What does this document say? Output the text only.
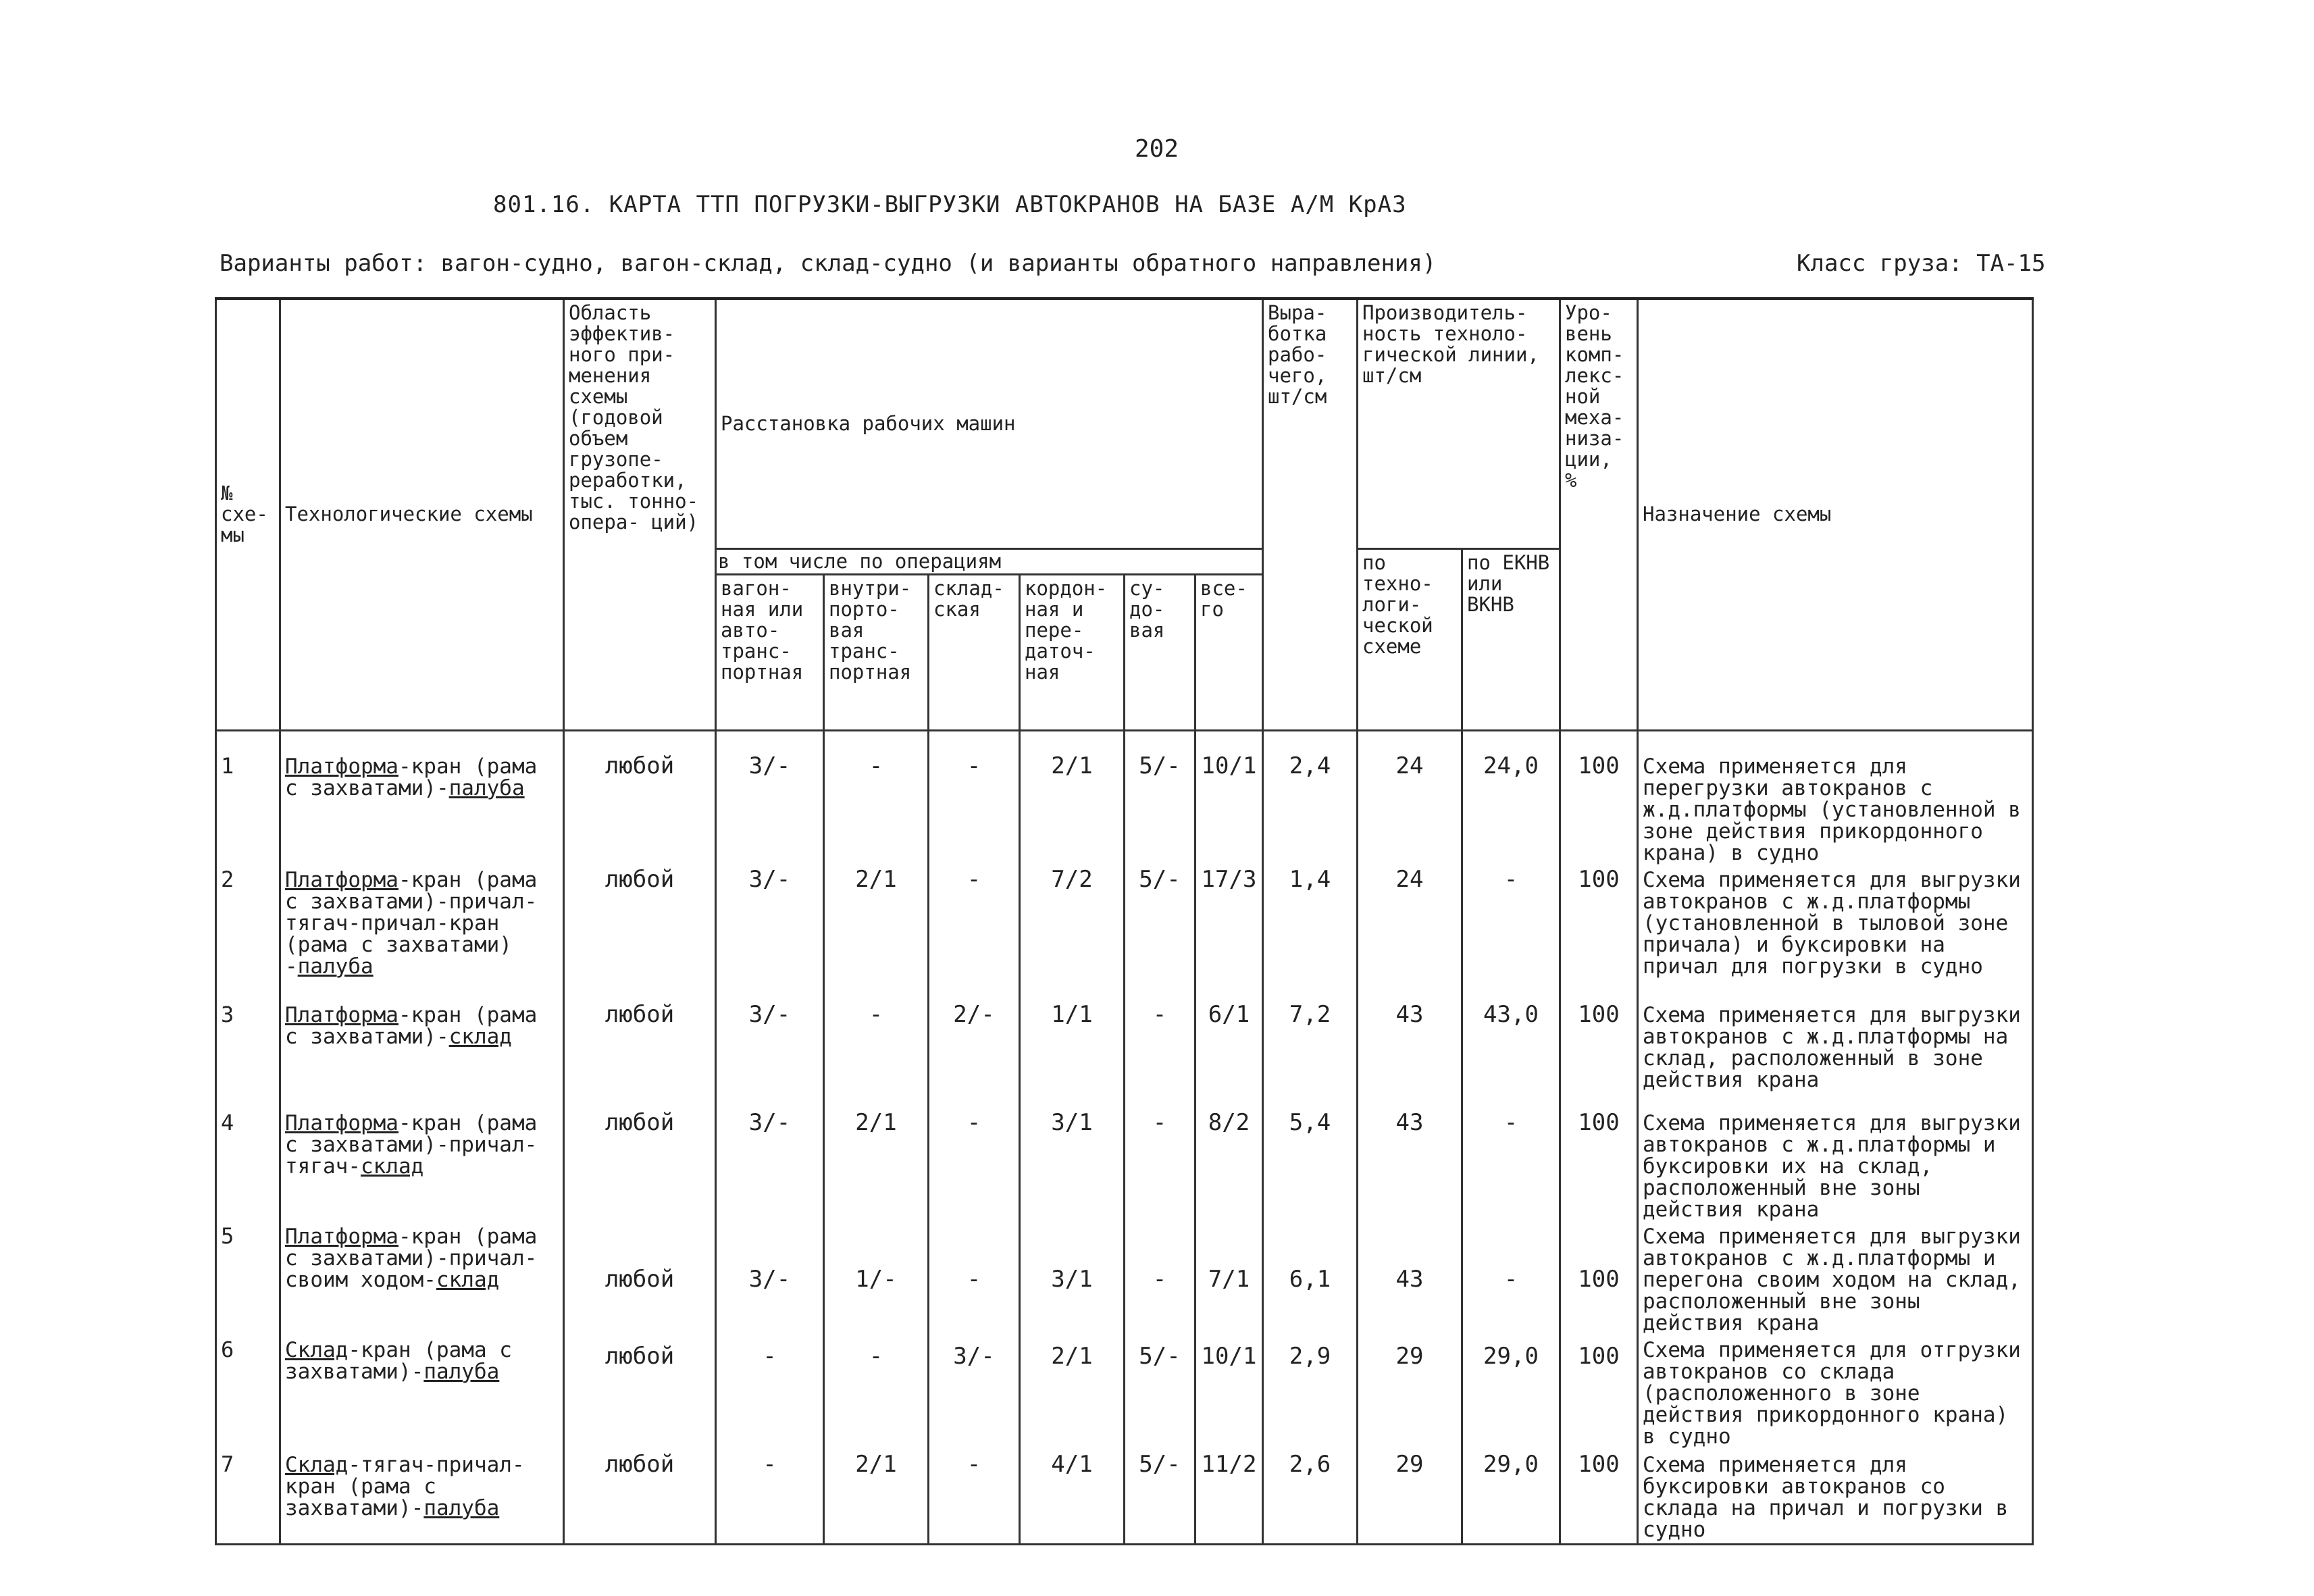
202
801.16. КАРТА ТТП ПОГРУЗКИ-ВЫГРУЗКИ АВТОКРАНОВ НА БАЗЕ А/М КрАЗ
Варианты работ: вагон-судно, вагон-склад, склад-судно (и варианты обратного направления)	Класс груза: ТА-15
№ схе- мы	Технологические схемы	Область эффектив- ного при- менения схемы (годовой объем грузопе- реработки, тыс. тонно-опера- ций)	Расстановка рабочих машин						Выра- ботка рабо- чего, шт/см	Производитель- ность техноло- гической линии, шт/см		Уро- вень комп- лекс- ной меха- низа- ции, %	Назначение схемы
			в том числе по операциям							по техно- логи- ческой схеме	по ЕКНВ или ВКНВ		
			вагон- ная или авто- транс- портная	внутри- порто- вая транс- портная	склад- ская	кордон- ная и пере- даточ- ная	су- до- вая	все- го					
1	Платформа-кран (рама с захватами)-палуба	любой	3/-	-	-	2/1	5/-	10/1	2,4	24	24,0	100	Схема применяется для перегрузки автокранов с ж.д.платформы (установленной в зоне действия прикордонного крана) в судно
2	Платформа-кран (рама с захватами)-причал-тягач-причал-кран (рама с захватами) -палуба	любой	3/-	2/1	-	7/2	5/-	17/3	1,4	24	-	100	Схема применяется для выгрузки автокранов с ж.д.платформы (установленной в тыловой зоне причала) и буксировки на причал для погрузки в судно
3	Платформа-кран (рама с захватами)-склад	любой	3/-	-	2/-	1/1	-	6/1	7,2	43	43,0	100	Схема применяется для выгрузки автокранов с ж.д.платформы на склад, расположенный в зоне действия крана
4	Платформа-кран (рама с захватами)-причал-тягач-склад	любой	3/-	2/1	-	3/1	-	8/2	5,4	43	-	100	Схема применяется для выгрузки автокранов с ж.д.платформы и буксировки их на склад, расположенный вне зоны действия крана
5	Платформа-кран (рама с захватами)-причал-своим ходом-склад	любой	3/-	1/-	-	3/1	-	7/1	6,1	43	-	100	Схема применяется для выгрузки автокранов с ж.д.платформы и перегона своим ходом на склад, расположенный вне зоны действия крана
6	Склад-кран (рама с захватами)-палуба	любой	-	-	3/-	2/1	5/-	10/1	2,9	29	29,0	100	Схема применяется для отгрузки автокранов со склада (расположенного в зоне действия прикордонного крана) в судно
7	Склад-тягач-причал-кран (рама с захватами)-палуба	любой	-	2/1	-	4/1	5/-	11/2	2,6	29	29,0	100	Схема применяется для буксировки автокранов со склада на причал и погрузки в судно
